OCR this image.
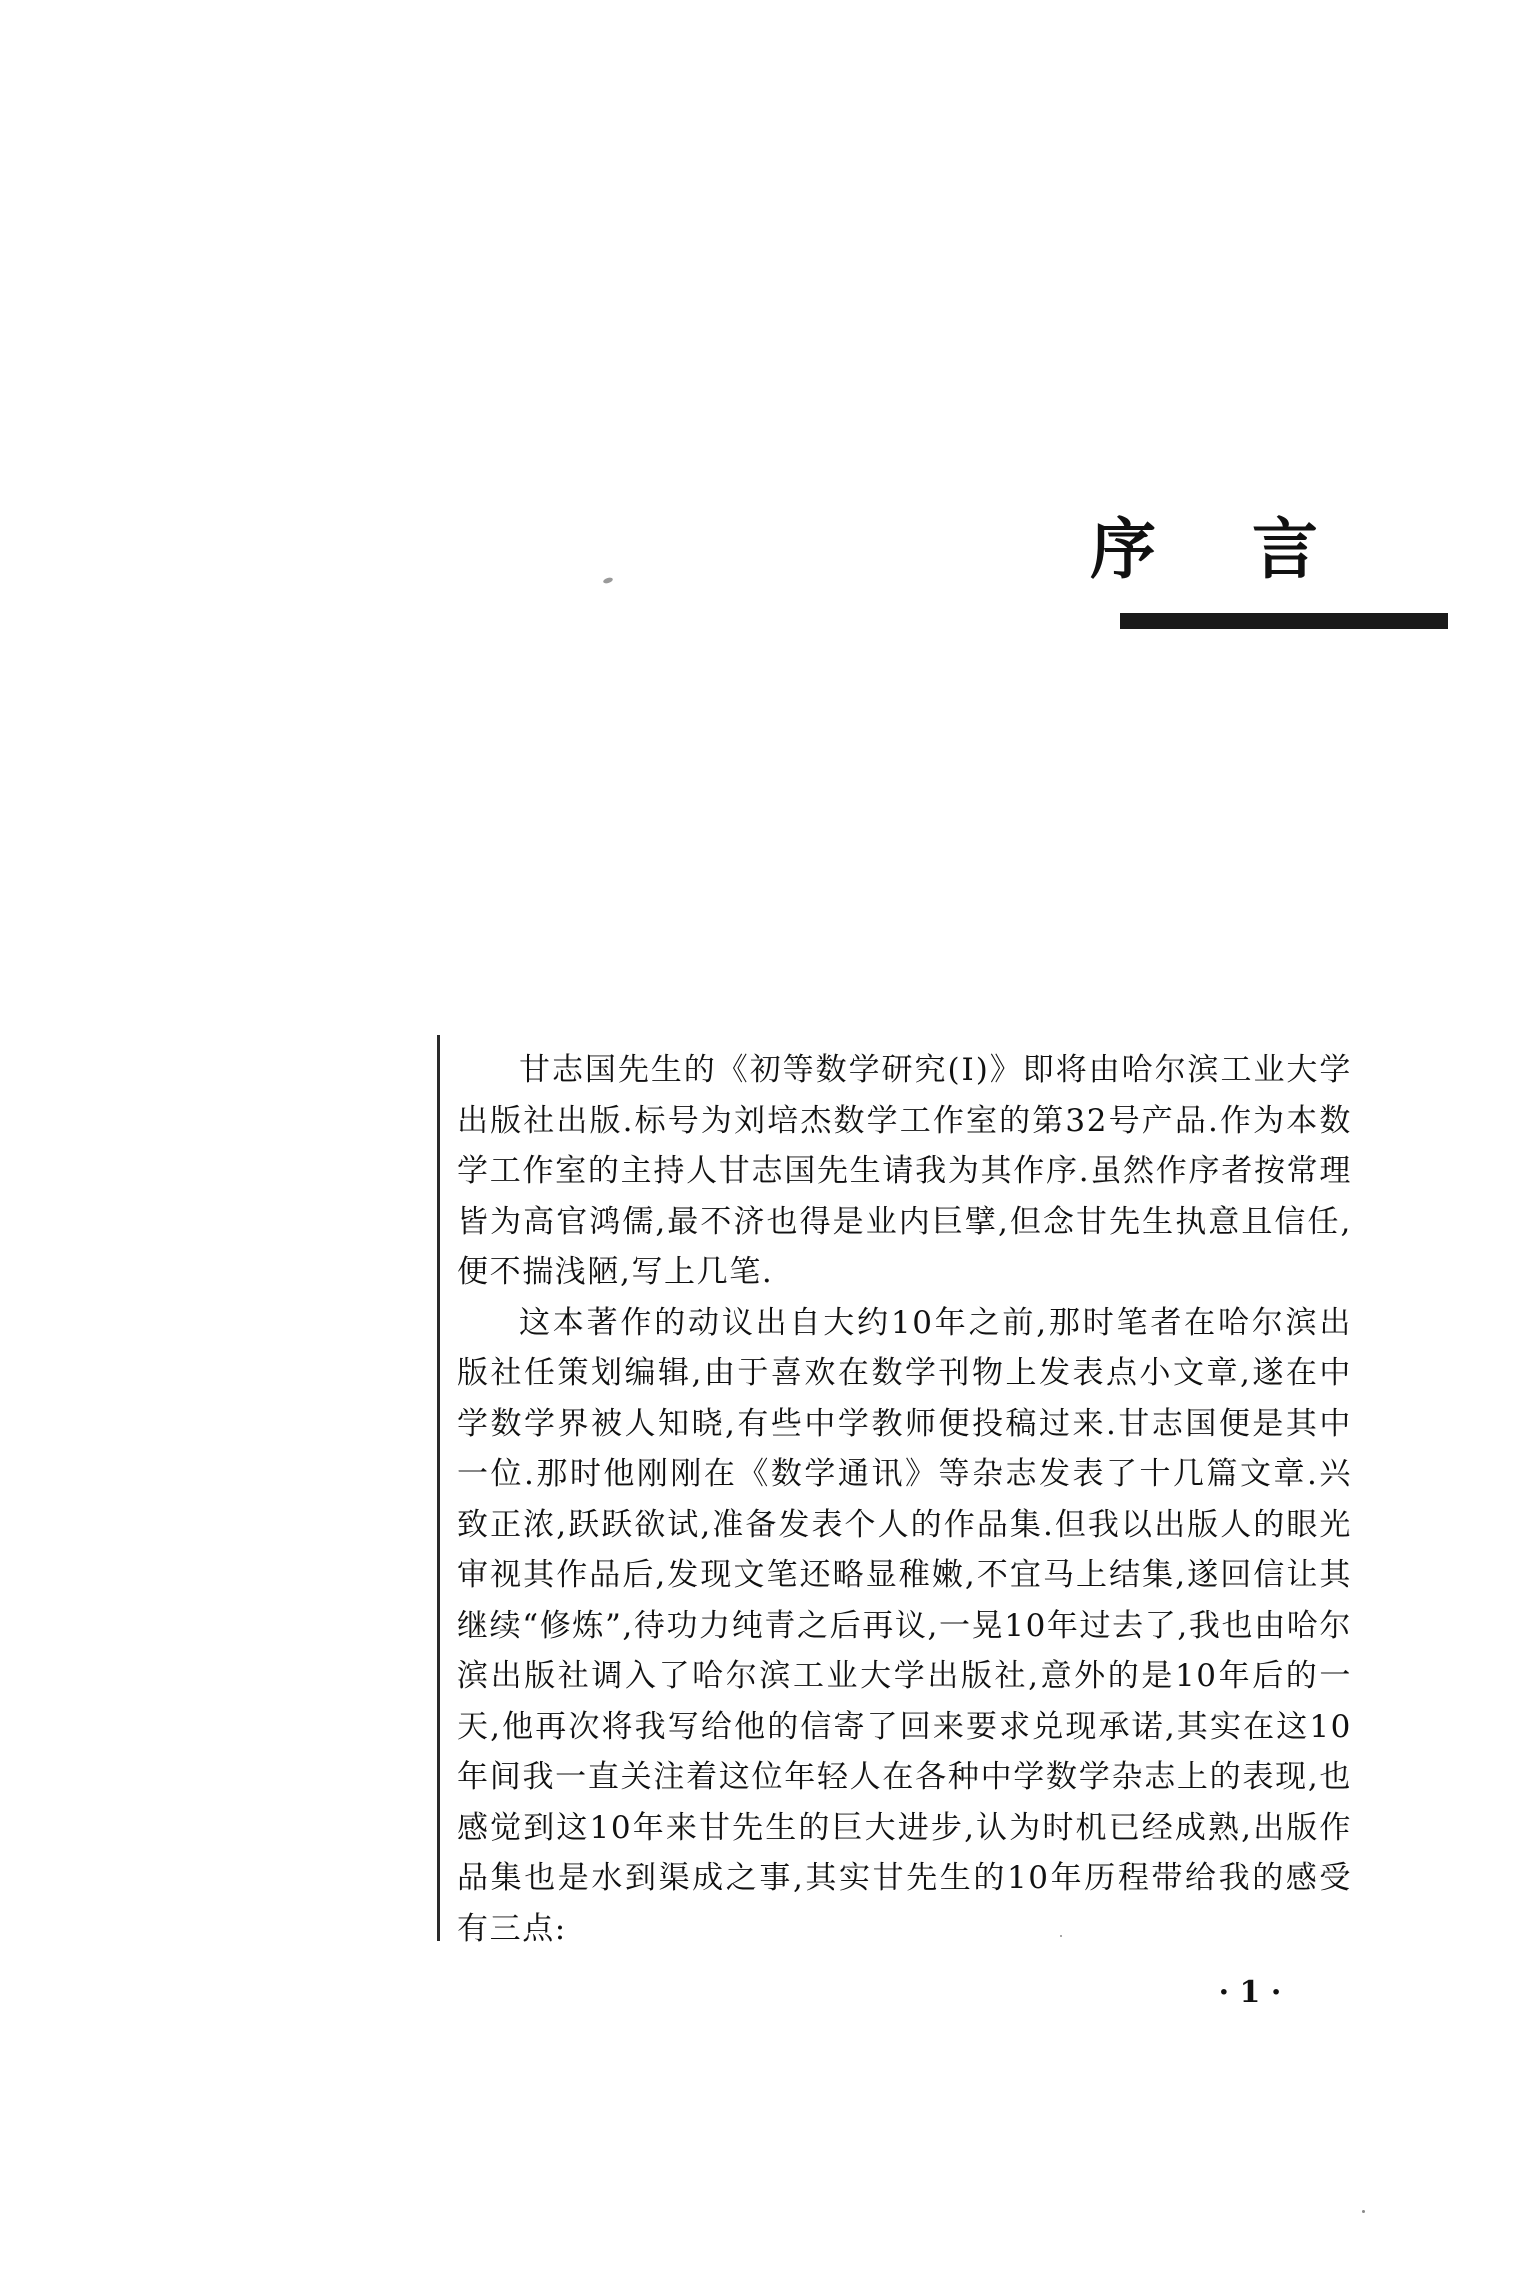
序言

甘志国先生的《初等数学研究(Ⅰ)》即将由哈尔滨工业大学出版社出版.标号为刘培杰数学工作室的第32号产品.作为本数学工作室的主持人甘志国先生请我为其作序.虽然作序者按常理皆为高官鸿儒,最不济也得是业内巨擘,但念甘先生执意且信任,便不揣浅陋,写上几笔.

这本著作的动议出自大约10年之前,那时笔者在哈尔滨出版社任策划编辑,由于喜欢在数学刊物上发表点小文章,遂在中学数学界被人知晓,有些中学教师便投稿过来.甘志国便是其中一位.那时他刚刚在《数学通讯》等杂志发表了十几篇文章.兴致正浓,跃跃欲试,准备发表个人的作品集.但我以出版人的眼光审视其作品后,发现文笔还略显稚嫩,不宜马上结集,遂回信让其继续“修炼”,待功力纯青之后再议,一晃10年过去了,我也由哈尔滨出版社调入了哈尔滨工业大学出版社,意外的是10年后的一天,他再次将我写给他的信寄了回来要求兑现承诺,其实在这10年间我一直关注着这位年轻人在各种中学数学杂志上的表现,也感觉到这10年来甘先生的巨大进步,认为时机已经成熟,出版作品集也是水到渠成之事,其实甘先生的10年历程带给我的感受有三点:

· 1 ·
